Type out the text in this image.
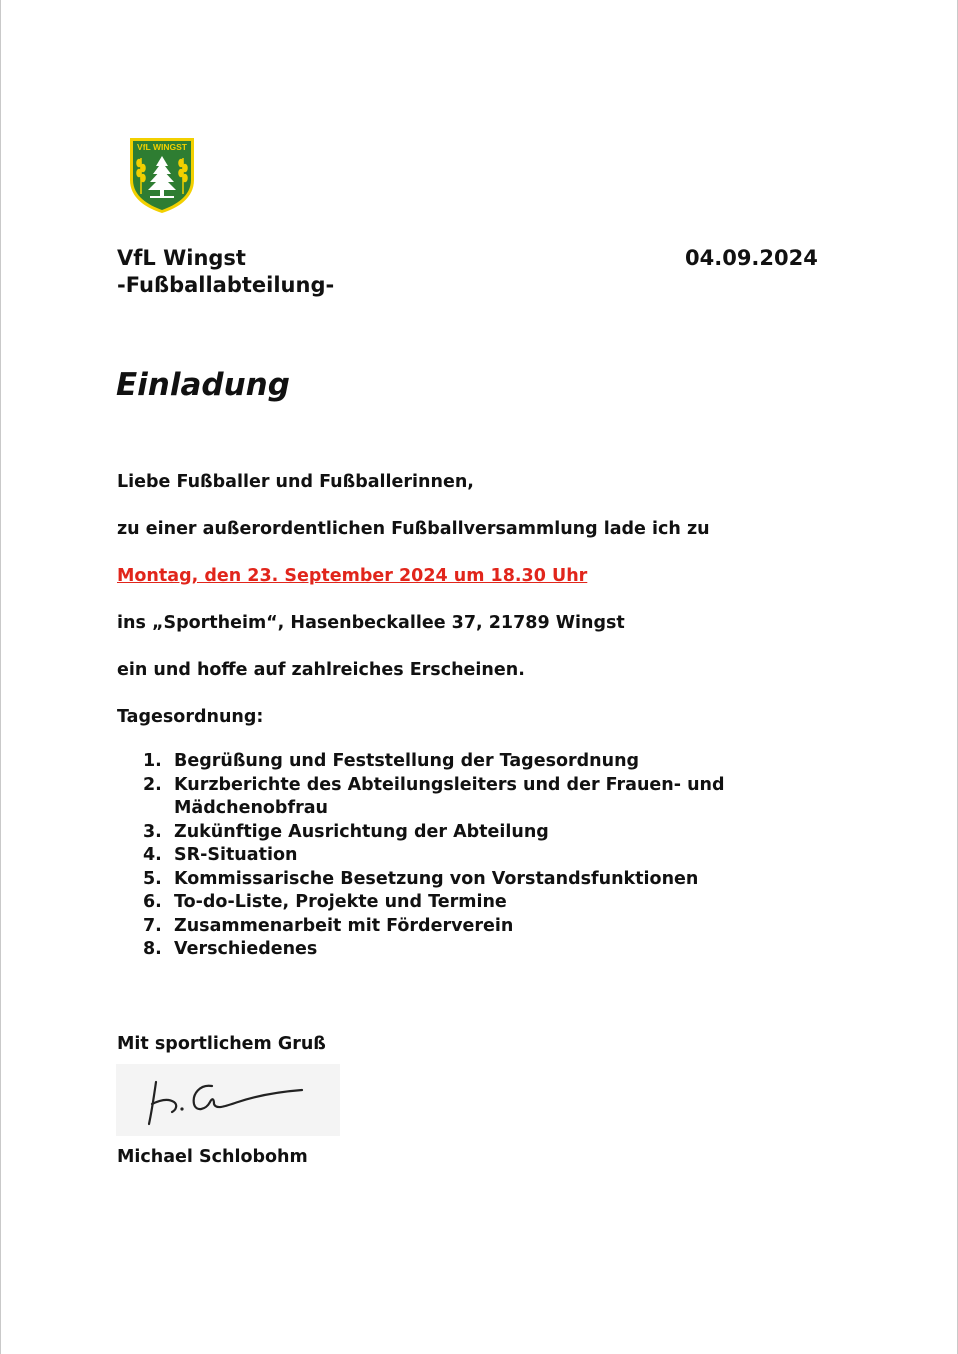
VfL WINGST
VfL Wingst
-Fußballabteilung-
04.09.2024
Einladung
Liebe Fußballer und Fußballerinnen,
zu einer außerordentlichen Fußballversammlung lade ich zu
Montag, den 23. September 2024 um 18.30 Uhr
ins „Sportheim“, Hasenbeckallee 37, 21789 Wingst
ein und hoffe auf zahlreiches Erscheinen.
Tagesordnung:
1. Begrüßung und Feststellung der Tagesordnung
2. Kurzberichte des Abteilungsleiters und der Frauen- und Mädchenobfrau
3. Zukünftige Ausrichtung der Abteilung
4. SR-Situation
5. Kommissarische Besetzung von Vorstandsfunktionen
6. To-do-Liste, Projekte und Termine
7. Zusammenarbeit mit Förderverein
8. Verschiedenes
Mit sportlichem Gruß
Michael Schlobohm
